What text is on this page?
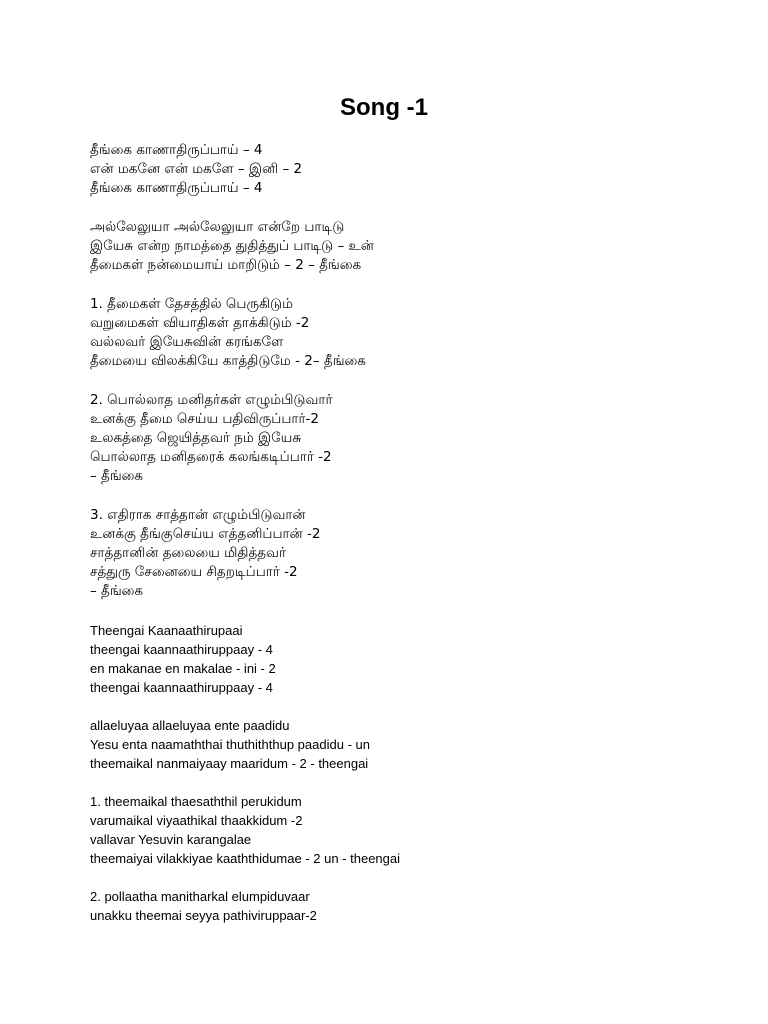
Song -1
தீங்கை காணாதிருப்பாய் – 4
என் மகனே என் மகளே – இனி – 2
தீங்கை காணாதிருப்பாய் – 4
அல்லேலுயா அல்லேலுயா என்றே பாடிடு
இயேசு என்ற நாமத்தை துதித்துப் பாடிடு – உன்
தீமைகள் நன்மையாய் மாறிடும் – 2 – தீங்கை
1. தீமைகள் தேசத்தில் பெருகிடும்
வறுமைகள் வியாதிகள் தாக்கிடும் -2
வல்லவர் இயேசுவின் கரங்களே
தீமையை விலக்கியே காத்திடுமே - 2– தீங்கை
2. பொல்லாத மனிதர்கள் எழும்பிடுவார்
உனக்கு தீமை செய்ய பதிவிருப்பார்-2
உலகத்தை ஜெயித்தவர் நம் இயேசு
பொல்லாத மனிதரைக் கலங்கடிப்பார் -2
– தீங்கை
3. எதிராக சாத்தான் எழும்பிடுவான்
உனக்கு தீங்குசெய்ய எத்தனிப்பான் -2
சாத்தானின் தலையை மிதித்தவர்
சத்துரு சேனையை சிதறடிப்பார் -2
– தீங்கை
Theengai Kaanaathirupaai
theengai kaannaathiruppaay - 4
en makanae en makalae - ini - 2
theengai kaannaathiruppaay - 4
allaeluyaa allaeluyaa ente paadidu
Yesu enta naamaththai thuthiththup paadidu - un
theemaikal nanmaiyaay maaridum - 2 - theengai
1. theemaikal thaesaththil perukidum
varumaikal viyaathikal thaakkidum -2
vallavar Yesuvin karangalae
theemaiyai vilakkiyae kaaththidumae - 2 un - theengai
2. pollaatha manitharkal elumpiduvaar
unakku theemai seyya pathiviruppaar-2
